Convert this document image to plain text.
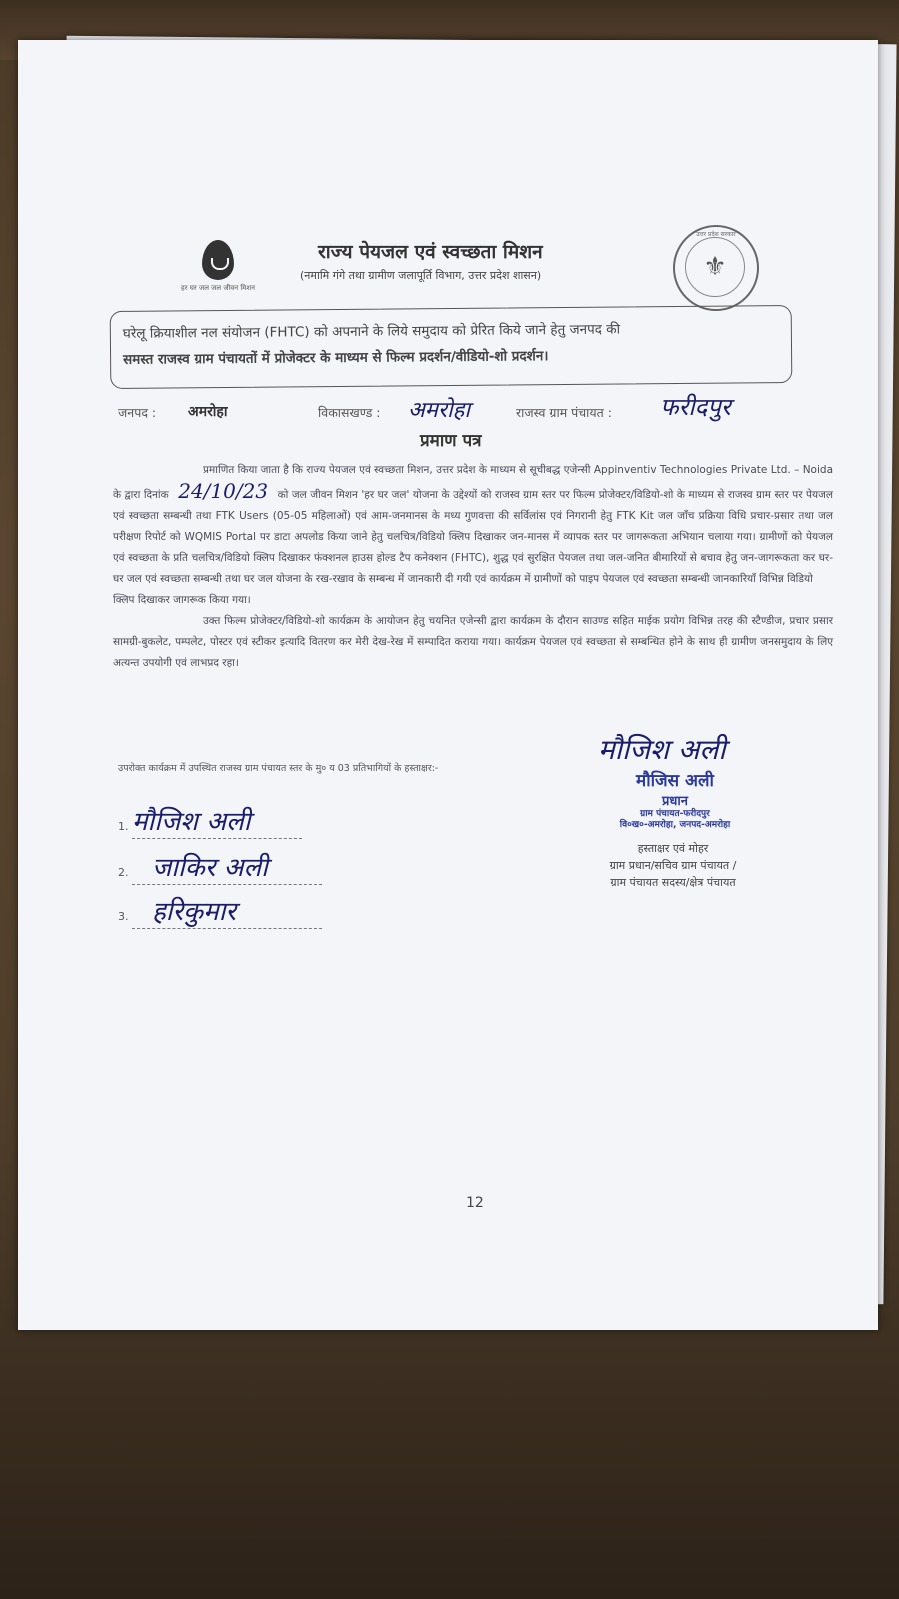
हर घर जल जल जीवन मिशन
राज्य पेयजल एवं स्वच्छता मिशन
(नमामि गंगे तथा ग्रामीण जलापूर्ति विभाग, उत्तर प्रदेश शासन)
उत्तर प्रदेश सरकार
⚜

घरेलू क्रियाशील नल संयोजन (FHTC) को अपनाने के लिये समुदाय को प्रेरित किये जाने हेतु जनपद की

समस्त राजस्व ग्राम पंचायतों में प्रोजेक्टर के माध्यम से फिल्म प्रदर्शन/वीडियो-शो प्रदर्शन।

जनपद : अमरोहा	विकासखण्ड : अमरोहा	राजस्व ग्राम पंचायत : फरीदपुर
प्रमाण पत्र
प्रमाणित किया जाता है कि राज्य पेयजल एवं स्वच्छता मिशन, उत्तर प्रदेश के माध्यम से सूचीबद्ध एजेन्सी Appinventiv Technologies Private Ltd. – Noida के द्वारा दिनांक 24/10/23 को जल जीवन मिशन 'हर घर जल' योजना के उद्देश्यों को राजस्व ग्राम स्तर पर फिल्म प्रोजेक्टर/विडियो-शो के माध्यम से राजस्व ग्राम स्तर पर पेयजल एवं स्वच्छता सम्बन्धी तथा FTK Users (05-05 महिलाओं) एवं आम-जनमानस के मध्य गुणवत्ता की सर्विलांस एवं निगरानी हेतु FTK Kit जल जाँच प्रक्रिया विधि प्रचार-प्रसार तथा जल परीक्षण रिपोर्ट को WQMIS Portal पर डाटा अपलोड किया जाने हेतु चलचित्र/विडियो क्लिप दिखाकर जन-मानस में व्यापक स्तर पर जागरूकता अभियान चलाया गया। ग्रामीणों को पेयजल एवं स्वच्छता के प्रति चलचित्र/विडियो क्लिप दिखाकर फंक्शनल हाउस होल्ड टैप कनेक्शन (FHTC), शुद्ध एवं सुरक्षित पेयजल तथा जल-जनित बीमारियों से बचाव हेतु जन-जागरूकता कर घर-घर जल एवं स्वच्छता सम्बन्धी तथा घर जल योजना के रख-रखाव के सम्बन्ध में जानकारी दी गयी एवं कार्यक्रम में ग्रामीणों को पाइप पेयजल एवं स्वच्छता सम्बन्धी जानकारियाँ विभिन्न विडियो
क्लिप दिखाकर जागरूक किया गया।
उक्त फिल्म प्रोजेक्टर/विडियो-शो कार्यक्रम के आयोजन हेतु चयनित एजेन्सी द्वारा कार्यक्रम के दौरान साउण्ड सहित माईक प्रयोग विभिन्न तरह की स्टैण्डीज, प्रचार प्रसार सामग्री-बुकलेट, पम्पलेट, पोस्टर एवं स्टीकर इत्यादि वितरण कर मेरी देख-रेख में सम्पादित कराया गया। कार्यक्रम पेयजल एवं स्वच्छता से सम्बन्धित होने के साथ ही ग्रामीण जनसमुदाय के लिए अत्यन्त उपयोगी एवं लाभप्रद रहा।
उपरोक्त कार्यक्रम में उपस्थित राजस्व ग्राम पंचायत स्तर के मु० य 03 प्रतिभागियों के हस्ताक्षर:-
1. मौजिश अली
2. जाकिर अली
3. हरिकुमार
मौजिश अली
मौजिस अली
प्रधान
ग्राम पंचायत-फरीदपुर
वि०ख०-अमरोहा, जनपद-अमरोहा
हस्ताक्षर एवं मोहर
ग्राम प्रधान/सचिव ग्राम पंचायत /
ग्राम पंचायत सदस्य/क्षेत्र पंचायत
12
